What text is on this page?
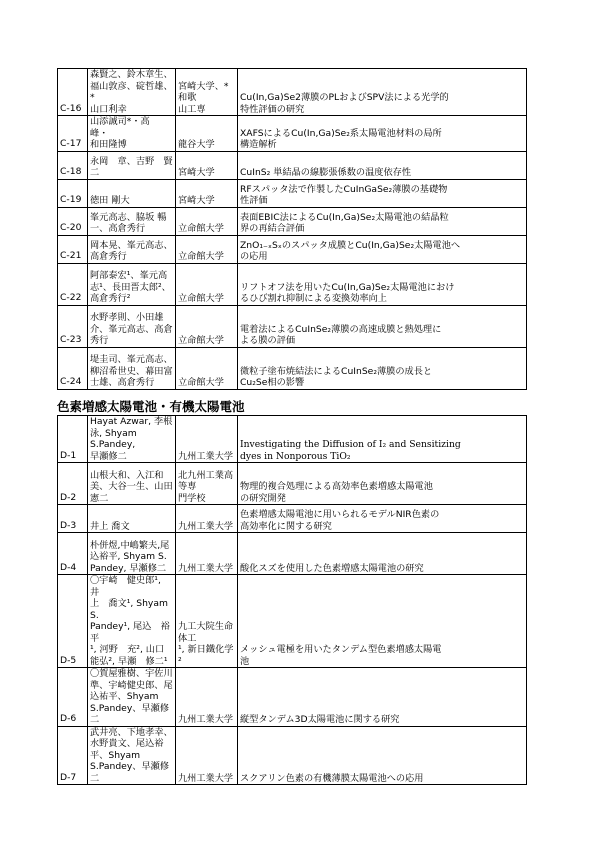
C-16	森賢之、鈴木章生、
福山敦彦、碇哲雄、*
山口利幸	宮崎大学、*和歌
山工専	Cu(In,Ga)Se2薄膜のPLおよびSPV法による光学的
特性評価の研究
C-17	山添誠司*・高　峰・
和田隆博	龍谷大学	XAFSによるCu(In,Ga)Se₂系太陽電池材料の局所
構造解析
C-18	永岡　章、吉野　賢
二	宮崎大学	CuInS₂ 単結晶の線膨張係数の温度依存性
C-19	徳田 剛大	宮崎大学	RFスパッタ法で作製したCuInGaSe₂薄膜の基礎物
性評価
C-20	峯元高志、脇坂 暢
一、高倉秀行	立命館大学	表面EBIC法によるCu(In,Ga)Se₂太陽電池の結晶粒
界の再結合評価
C-21	岡本晃、峯元高志、
高倉秀行	立命館大学	ZnO₁₋ₓSₓのスパッタ成膜とCu(In,Ga)Se₂太陽電池へ
の応用
C-22	阿部泰宏¹、峯元高
志¹、長田晋太郎²、
高倉秀行²	立命館大学	リフトオフ法を用いたCu(In,Ga)Se₂太陽電池におけ
るひび割れ抑制による変換効率向上
C-23	水野孝則、小田雄
介、峯元高志、高倉
秀行	立命館大学	電着法によるCuInSe₂薄膜の高速成膜と熱処理に
よる膜の評価
C-24	堤圭司、峯元高志、
柳沼希世史、幕田富
士雄、高倉秀行	立命館大学	微粒子塗布焼結法によるCuInSe₂薄膜の成長と
Cu₂Se相の影響
色素増感太陽電池・有機太陽電池
D-1	Hayat Azwar, 李根
泳, Shyam S.Pandey,
早瀬修二	九州工業大学	Investigating the Diffusion of I₂ and Sensitizing
dyes in Nonporous TiO₂
D-2	山根大和、入江和
美、大谷一生、山田
憲二	北九州工業高等専
門学校	物理的複合処理による高効率色素増感太陽電池
の研究開発
D-3	井上 喬文	九州工業大学	色素増感太陽電池に用いられるモデルNIR色素の
高効率化に関する研究
D-4	朴併煜,中嶋繁夫,尾
込裕平, Shyam S.
Pandey, 早瀬修二	九州工業大学	酸化スズを使用した色素増感太陽電池の研究
D-5	〇宇崎　健史郎¹, 井
上　喬文¹, Shyam S.
Pandey¹, 尾込　裕平
¹, 河野　充², 山口
能弘², 早瀬　修二¹	九工大院生命体工
¹, 新日鐵化学²	メッシュ電極を用いたタンデム型色素増感太陽電
池
D-6	〇賀屋雅樹、宇佐川
準、宇崎健史郎、尾
込祐平、Shyam
S.Pandey、早瀬修二	九州工業大学	縦型タンデム3D太陽電池に関する研究
D-7	武井亮、下地孝幸、
水野貴文、尾込裕
平、Shyam
S.Pandey、早瀬修二	九州工業大学	スクアリン色素の有機薄膜太陽電池への応用
